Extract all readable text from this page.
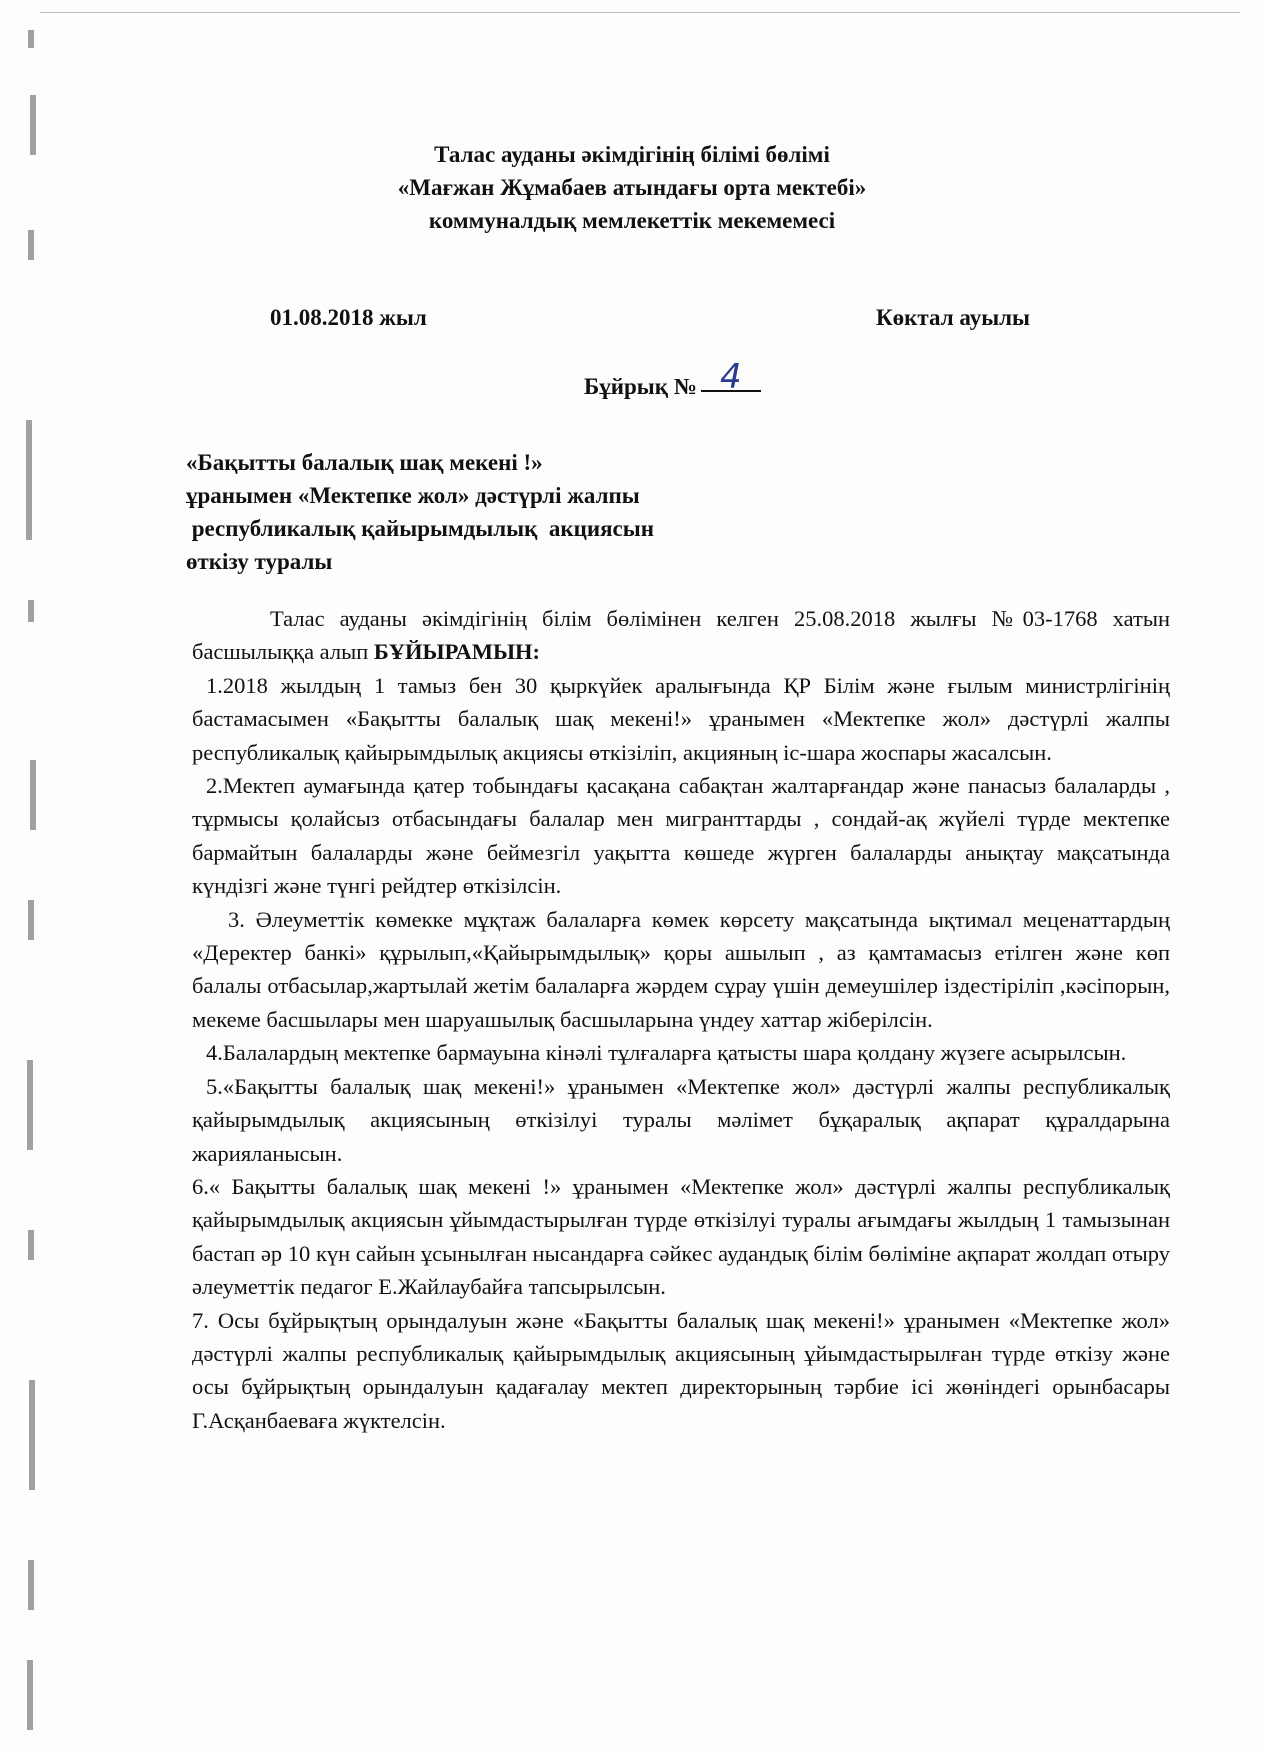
Талас ауданы әкімдігінің білімі бөлімі
«Мағжан Жұмабаев атындағы орта мектебі»
коммуналдық мемлекеттік мекемемесі
01.08.2018 жыл	Көктал ауылы
Бұйрық № 4
«Бақытты балалық шақ мекені !»
ұранымен «Мектепке жол» дәстүрлі жалпы
республикалық қайырымдылық  акциясын
өткізу туралы

Талас ауданы әкімдігінің білім бөлімінен келген 25.08.2018 жылғы №03-1768 хатын басшылыққа алып БҰЙЫРАМЫН:

1.2018 жылдың 1 тамыз бен 30 қыркүйек аралығында ҚР Білім және ғылым министрлігінің бастамасымен «Бақытты балалық шақ мекені!» ұранымен «Мектепке жол» дәстүрлі жалпы республикалық қайырымдылық акциясы өткізіліп, акцияның іс-шара жоспары жасалсын.

2.Мектеп аумағында қатер тобындағы қасақана сабақтан жалтарғандар және панасыз балаларды , тұрмысы қолайсыз отбасындағы балалар мен мигранттарды , сондай-ақ жүйелі түрде мектепке бармайтын балаларды және беймезгіл уақытта көшеде жүрген балаларды анықтау мақсатында күндізгі және түнгі рейдтер өткізілсін.

3. Әлеуметтік көмекке мұқтаж балаларға көмек көрсету мақсатында ықтимал меценаттардың «Деректер банкі» құрылып,«Қайырымдылық» қоры ашылып , аз қамтамасыз етілген және көп балалы отбасылар,жартылай жетім балаларға жәрдем сұрау үшін демеушілер іздестіріліп ,кәсіпорын, мекеме басшылары мен шаруашылық басшыларына үндеу хаттар жіберілсін.

4.Балалардың мектепке бармауына кінәлі тұлғаларға қатысты шара қолдану жүзеге асырылсын.

5.«Бақытты балалық шақ мекені!» ұранымен «Мектепке жол» дәстүрлі жалпы республикалық қайырымдылық акциясының өткізілуі туралы мәлімет бұқаралық ақпарат құралдарына жарияланысын.

6.« Бақытты балалық шақ мекені !» ұранымен «Мектепке жол» дәстүрлі жалпы республикалық қайырымдылық акциясын ұйымдастырылған түрде өткізілуі туралы ағымдағы жылдың 1 тамызынан бастап әр 10 күн сайын ұсынылған нысандарға сәйкес аудандық білім бөліміне ақпарат жолдап отыру әлеуметтік педагог Е.Жайлаубайға тапсырылсын.

7. Осы бұйрықтың орындалуын және «Бақытты балалық шақ мекені!» ұранымен «Мектепке жол» дәстүрлі жалпы республикалық қайырымдылық акциясының ұйымдастырылған түрде өткізу және осы бұйрықтың орындалуын қадағалау мектеп директорының тәрбие ісі жөніндегі орынбасары Г.Асқанбаеваға жүктелсін.
